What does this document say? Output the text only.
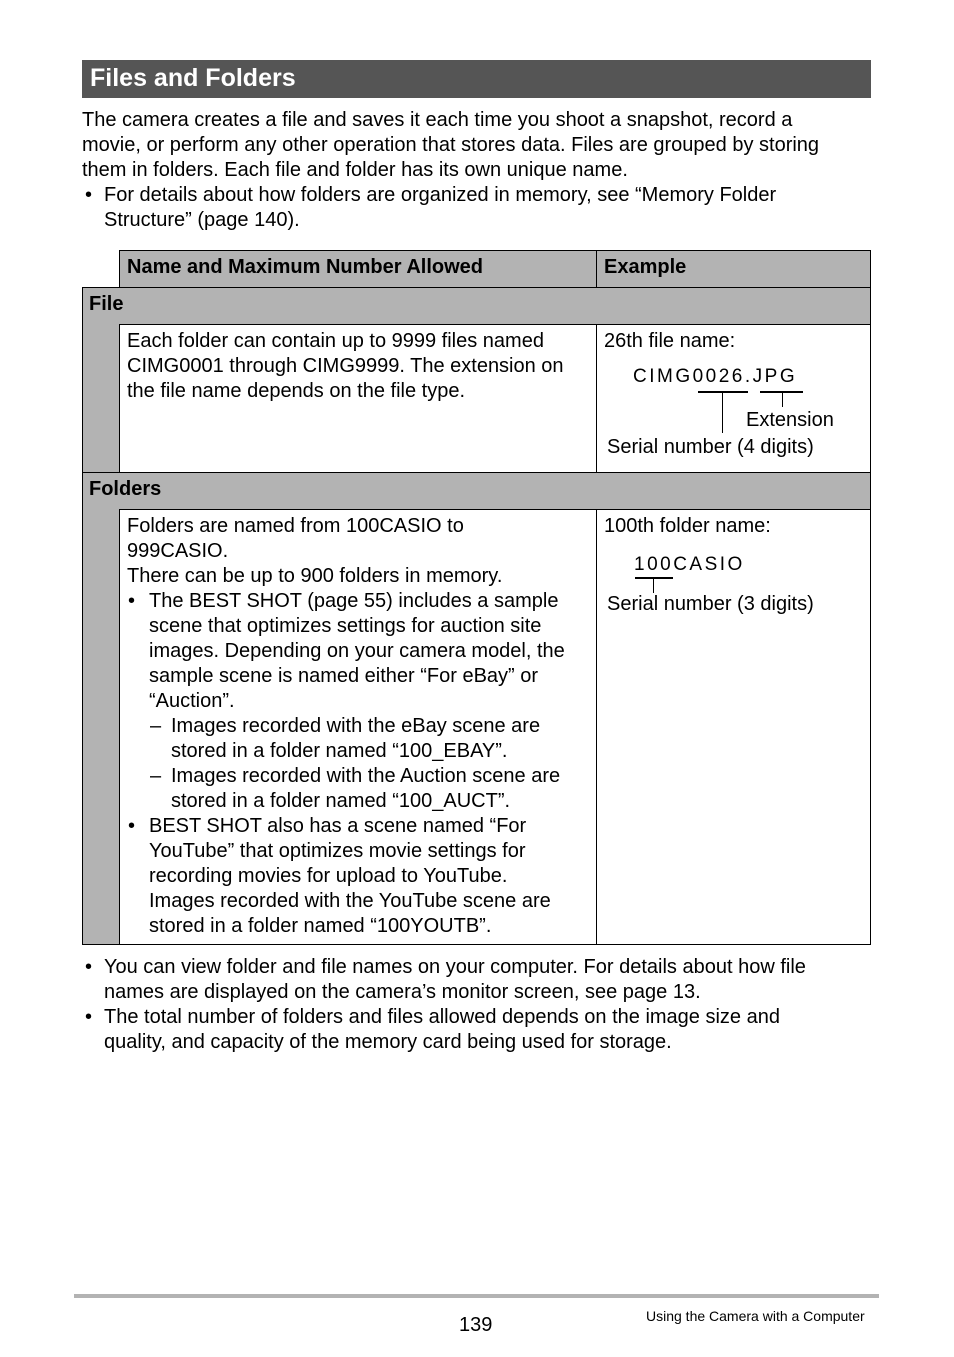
Files and Folders
The camera creates a file and saves it each time you shoot a snapshot, record a
movie, or perform any other operation that stores data. Files are grouped by storing
them in folders. Each file and folder has its own unique name.
• For details about how folders are organized in memory, see “Memory Folder
Structure” (page 140).
Name and Maximum Number Allowed	Example
File
Each folder can contain up to 9999 files named
CIMG0001 through CIMG9999. The extension on
the file name depends on the file type.
26th file name:
CIMG0026.JPG
Extension
Serial number (4 digits)
Folders
Folders are named from 100CASIO to
999CASIO.
There can be up to 900 folders in memory.
• The BEST SHOT (page 55) includes a sample
scene that optimizes settings for auction site
images. Depending on your camera model, the
sample scene is named either “For eBay” or
“Auction”.
– Images recorded with the eBay scene are
stored in a folder named “100_EBAY”.
– Images recorded with the Auction scene are
stored in a folder named “100_AUCT”.
• BEST SHOT also has a scene named “For
YouTube” that optimizes movie settings for
recording movies for upload to YouTube.
Images recorded with the YouTube scene are
stored in a folder named “100YOUTB”.
100th folder name:
100CASIO
Serial number (3 digits)
• You can view folder and file names on your computer. For details about how file
names are displayed on the camera’s monitor screen, see page 13.
• The total number of folders and files allowed depends on the image size and
quality, and capacity of the memory card being used for storage.
139	Using the Camera with a Computer
